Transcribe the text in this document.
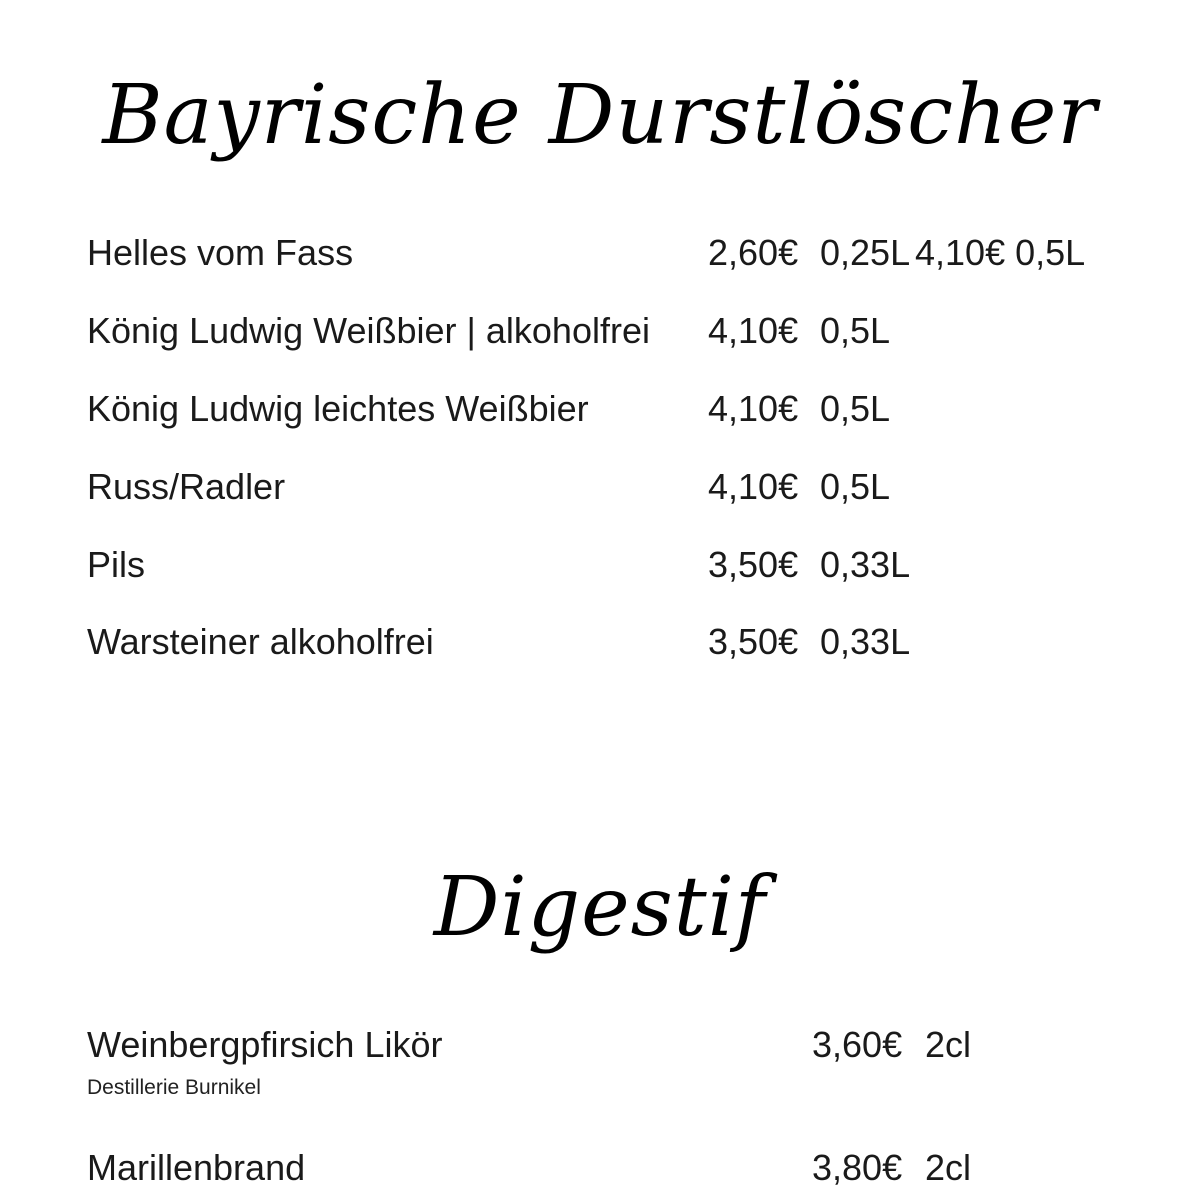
Bayrische Durstlöscher
Helles vom Fass	2,60€ 0,25L 4,10€ 0,5L
König Ludwig Weißbier | alkoholfrei 4,10€ 0,5L
König Ludwig leichtes Weißbier	4,10€ 0,5L
Russ/Radler	4,10€ 0,5L
Pils	3,50€ 0,33L
Warsteiner alkoholfrei	3,50€ 0,33L
Digestif
Weinbergpfirsich Likör	3,60€ 2cl
Destillerie Burnikel
Marillenbrand	3,80€ 2cl
